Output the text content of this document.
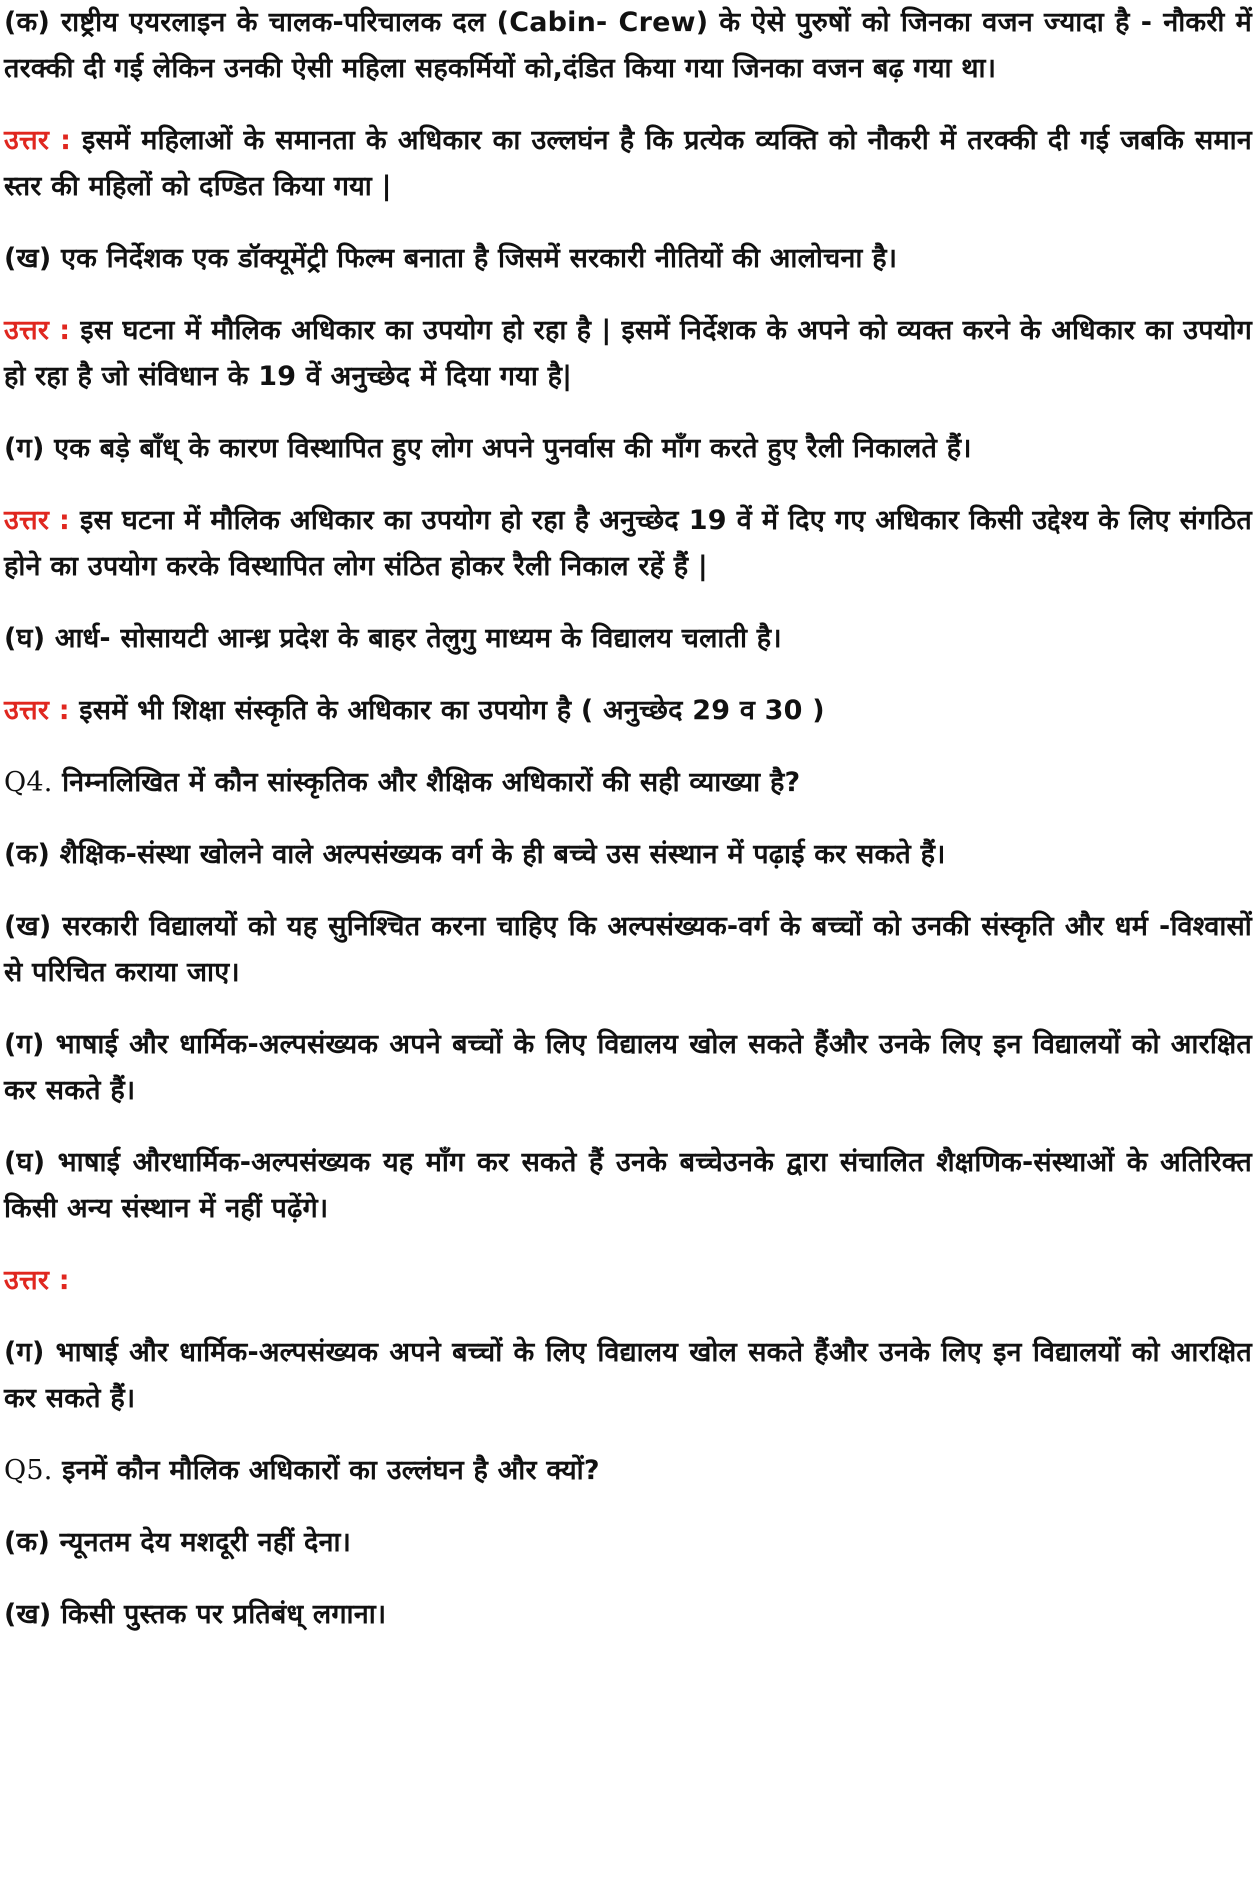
(क) राष्ट्रीय एयरलाइन के चालक-परिचालक दल (Cabin- Crew) के ऐसे पुरुषों को जिनका वजन ज्यादा है - नौकरी में तरक्की दी गई लेकिन उनकी ऐसी महिला सहकर्मियों को,दंडित किया गया जिनका वजन बढ़ गया था।

उत्तर : इसमें महिलाओं के समानता के अधिकार का उल्लघंन है कि प्रत्येक व्यक्ति को नौकरी में तरक्की दी गई जबकि समान स्तर की महिलों को दण्डित किया गया |

(ख) एक निर्देशक एक डॉक्यूमेंट्री फिल्म बनाता है जिसमें सरकारी नीतियों की आलोचना है।

उत्तर : इस घटना में मौलिक अधिकार का उपयोग हो रहा है | इसमें निर्देशक के अपने को व्यक्त करने के अधिकार का उपयोग हो रहा है जो संविधान के 19 वें अनुच्छेद में दिया गया है|

(ग) एक बड़े बाँध् के कारण विस्थापित हुए लोग अपने पुनर्वास की माँग करते हुए रैली निकालते हैं।

उत्तर : इस घटना में मौलिक अधिकार का उपयोग हो रहा है अनुच्छेद 19 वें में दिए गए अधिकार किसी उद्देश्य के लिए संगठित होने का उपयोग करके विस्थापित लोग संठित होकर रैली निकाल रहें हैं |

(घ) आर्ध- सोसायटी आन्ध्र प्रदेश के बाहर तेलुगु माध्यम के विद्यालय चलाती है।

उत्तर : इसमें भी शिक्षा संस्कृति के अधिकार का उपयोग है ( अनुच्छेद 29 व 30 )

Q4. निम्नलिखित में कौन सांस्कृतिक और शैक्षिक अधिकारों की सही व्याख्या है?

(क) शैक्षिक-संस्था खोलने वाले अल्पसंख्यक वर्ग के ही बच्चे उस संस्थान में पढ़ाई कर सकते हैं।

(ख) सरकारी विद्यालयों को यह सुनिश्चित करना चाहिए कि अल्पसंख्यक-वर्ग के बच्चों को उनकी संस्कृति और धर्म -विश्वासों से परिचित कराया जाए।

(ग) भाषाई और धार्मिक-अल्पसंख्यक अपने बच्चों के लिए विद्यालय खोल सकते हैंऔर उनके लिए इन विद्यालयों को आरक्षित कर सकते हैं।

(घ) भाषाई औरधार्मिक-अल्पसंख्यक यह माँग कर सकते हैं उनके बच्चेउनके द्वारा संचालित शैक्षणिक-संस्थाओं के अतिरिक्त किसी अन्य संस्थान में नहीं पढ़ेंगे।

उत्तर :

(ग) भाषाई और धार्मिक-अल्पसंख्यक अपने बच्चों के लिए विद्यालय खोल सकते हैंऔर उनके लिए इन विद्यालयों को आरक्षित कर सकते हैं।

Q5. इनमें कौन मौलिक अधिकारों का उल्लंघन है और क्यों?

(क) न्यूनतम देय मशदूरी नहीं देना।

(ख) किसी पुस्तक पर प्रतिबंध् लगाना।
